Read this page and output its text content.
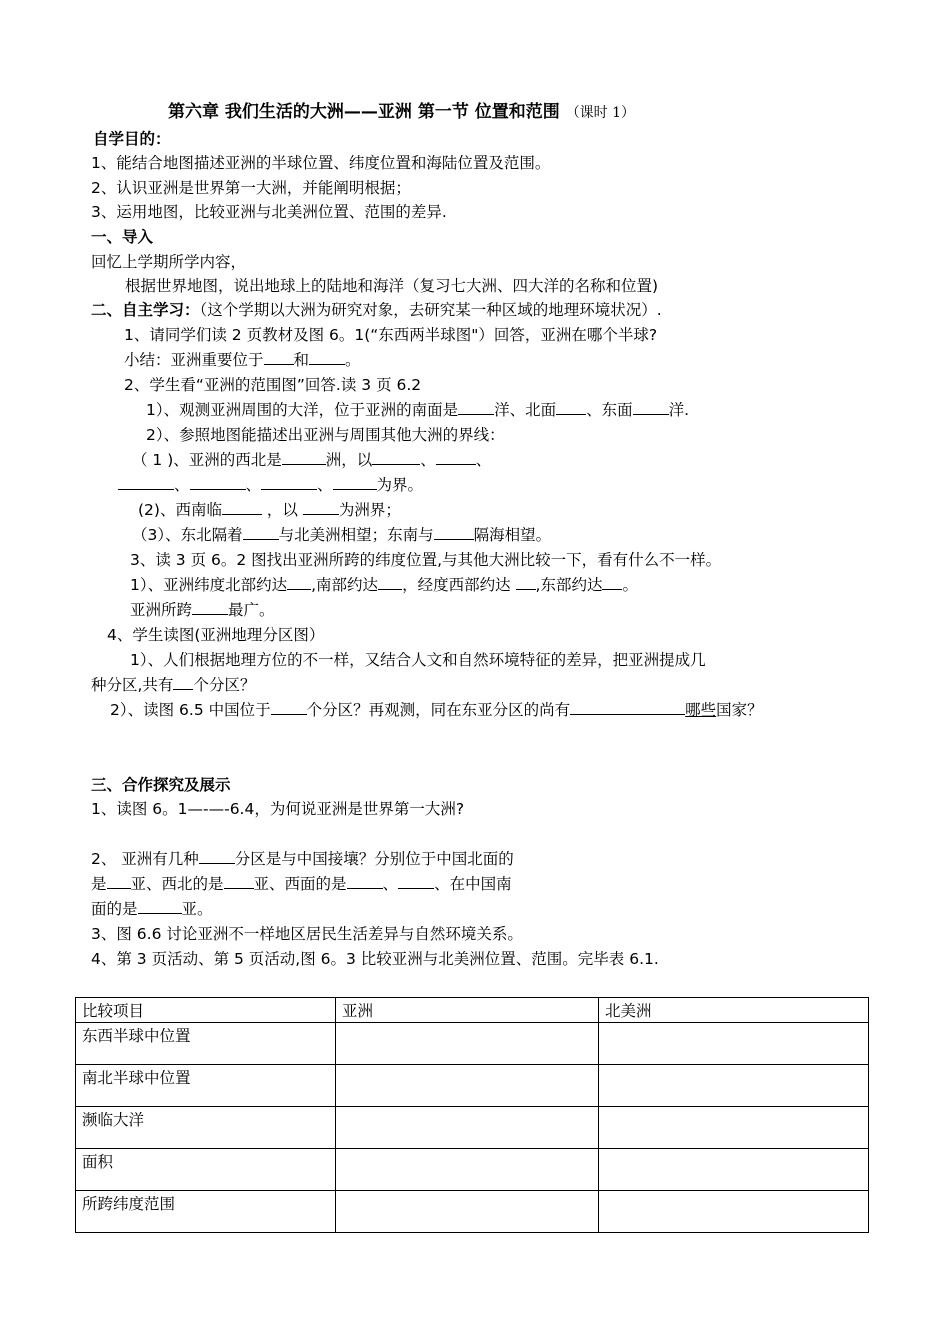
第六章 我们生活的大洲——亚洲 第一节 位置和范围 （课时 1）
自学目的：
1、能结合地图描述亚洲的半球位置、纬度位置和海陆位置及范围。
2、认识亚洲是世界第一大洲，并能阐明根据；
3、运用地图，比较亚洲与北美洲位置、范围的差异.
一、导入
回忆上学期所学内容，
根据世界地图，说出地球上的陆地和海洋（复习七大洲、四大洋的名称和位置)
二、自主学习：（这个学期以大洲为研究对象，去研究某一种区域的地理环境状况）.
1、请同学们读 2 页教材及图 6。1(“东西两半球图"）回答，亚洲在哪个半球?
小结：亚洲重要位于 和 。
2、学生看“亚洲的范围图”回答.读 3 页 6.2
1）、观测亚洲周围的大洋，位于亚洲的南面是 洋、北面 、东面 洋.
2）、参照地图能描述出亚洲与周围其他大洲的界线：
（ 1 )、亚洲的西北是	洲，以	、	、
、	、	、	为界。
(2)、西南临	，以	为洲界；
（3）、东北隔着 与北美洲相望；东南与	隔海相望。
3、读 3 页 6。2 图找出亚洲所跨的纬度位置,与其他大洲比较一下，看有什么不一样。
1）、亚洲纬度北部约达 ,南部约达 ，经度西部约达 ,东部约达 。
亚洲所跨 最广。
4、学生读图(亚洲地理分区图）
1）、人们根据地理方位的不一样，又结合人文和自然环境特征的差异，把亚洲提成几
种分区,共有 个分区？
2）、读图 6.5 中国位于 个分区？再观测，同在东亚分区的尚有	哪些国家？
三、合作探究及展示
1、读图 6。1—-—-6.4，为何说亚洲是世界第一大洲?
2、 亚洲有几种 分区是与中国接壤？分别位于中国北面的
是 亚、西北的是 亚、西面的是 、 、在中国南
面的是	亚。
3、图 6.6 讨论亚洲不一样地区居民生活差异与自然环境关系。
4、第 3 页活动、第 5 页活动,图 6。3 比较亚洲与北美洲位置、范围。完毕表 6.1.
比较项目	亚洲	北美洲
东西半球中位置		
南北半球中位置		
濒临大洋		
面积		
所跨纬度范围		
